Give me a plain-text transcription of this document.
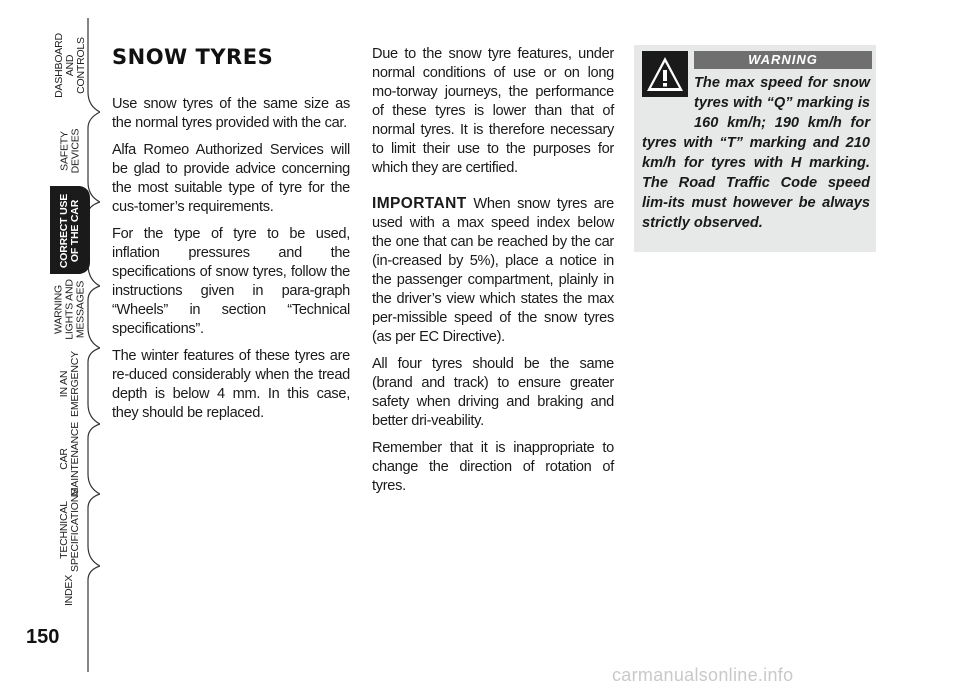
DASHBOARD
AND
CONTROLS
SAFETY
DEVICES
CORRECT USE
OF THE CAR
WARNING
LIGHTS AND
MESSAGES
IN AN
EMERGENCY
CAR
MAINTENANCE
TECHNICAL
SPECIFICATIONS
INDEX
150
SNOW TYRES

Use snow tyres of the same size as the normal tyres provided with the car.

Alfa Romeo Authorized Services will be glad to provide advice concerning the most suitable type of tyre for the cus-tomer’s requirements.

For the type of tyre to be used, inflation pressures and the specifications of snow tyres, follow the instructions given in para-graph “Wheels” in section “Technical specifications”.

The winter features of these tyres are re-duced considerably when the tread depth is below 4 mm. In this case, they should be replaced.

Due to the snow tyre features, under normal conditions of use or on long mo-torway journeys, the performance of these tyres is lower than that of normal tyres. It is therefore necessary to limit their use to the purposes for which they are certified.

IMPORTANT When snow tyres are used with a max speed index below the one that can be reached by the car (in-creased by 5%), place a notice in the passenger compartment, plainly in the driver’s view which states the max per-missible speed of the snow tyres (as per EC Directive).

All four tyres should be the same (brand and track) to ensure greater safety when driving and braking and better dri-veability.

Remember that it is inappropriate to change the direction of rotation of tyres.

WARNING
The max speed for snow tyres with “Q” marking is 160 km/h; 190 km/h for tyres with “T” marking and 210 km/h for tyres with H marking. The Road Traffic Code speed lim-its must however be always strictly observed.
carmanualsonline.info
